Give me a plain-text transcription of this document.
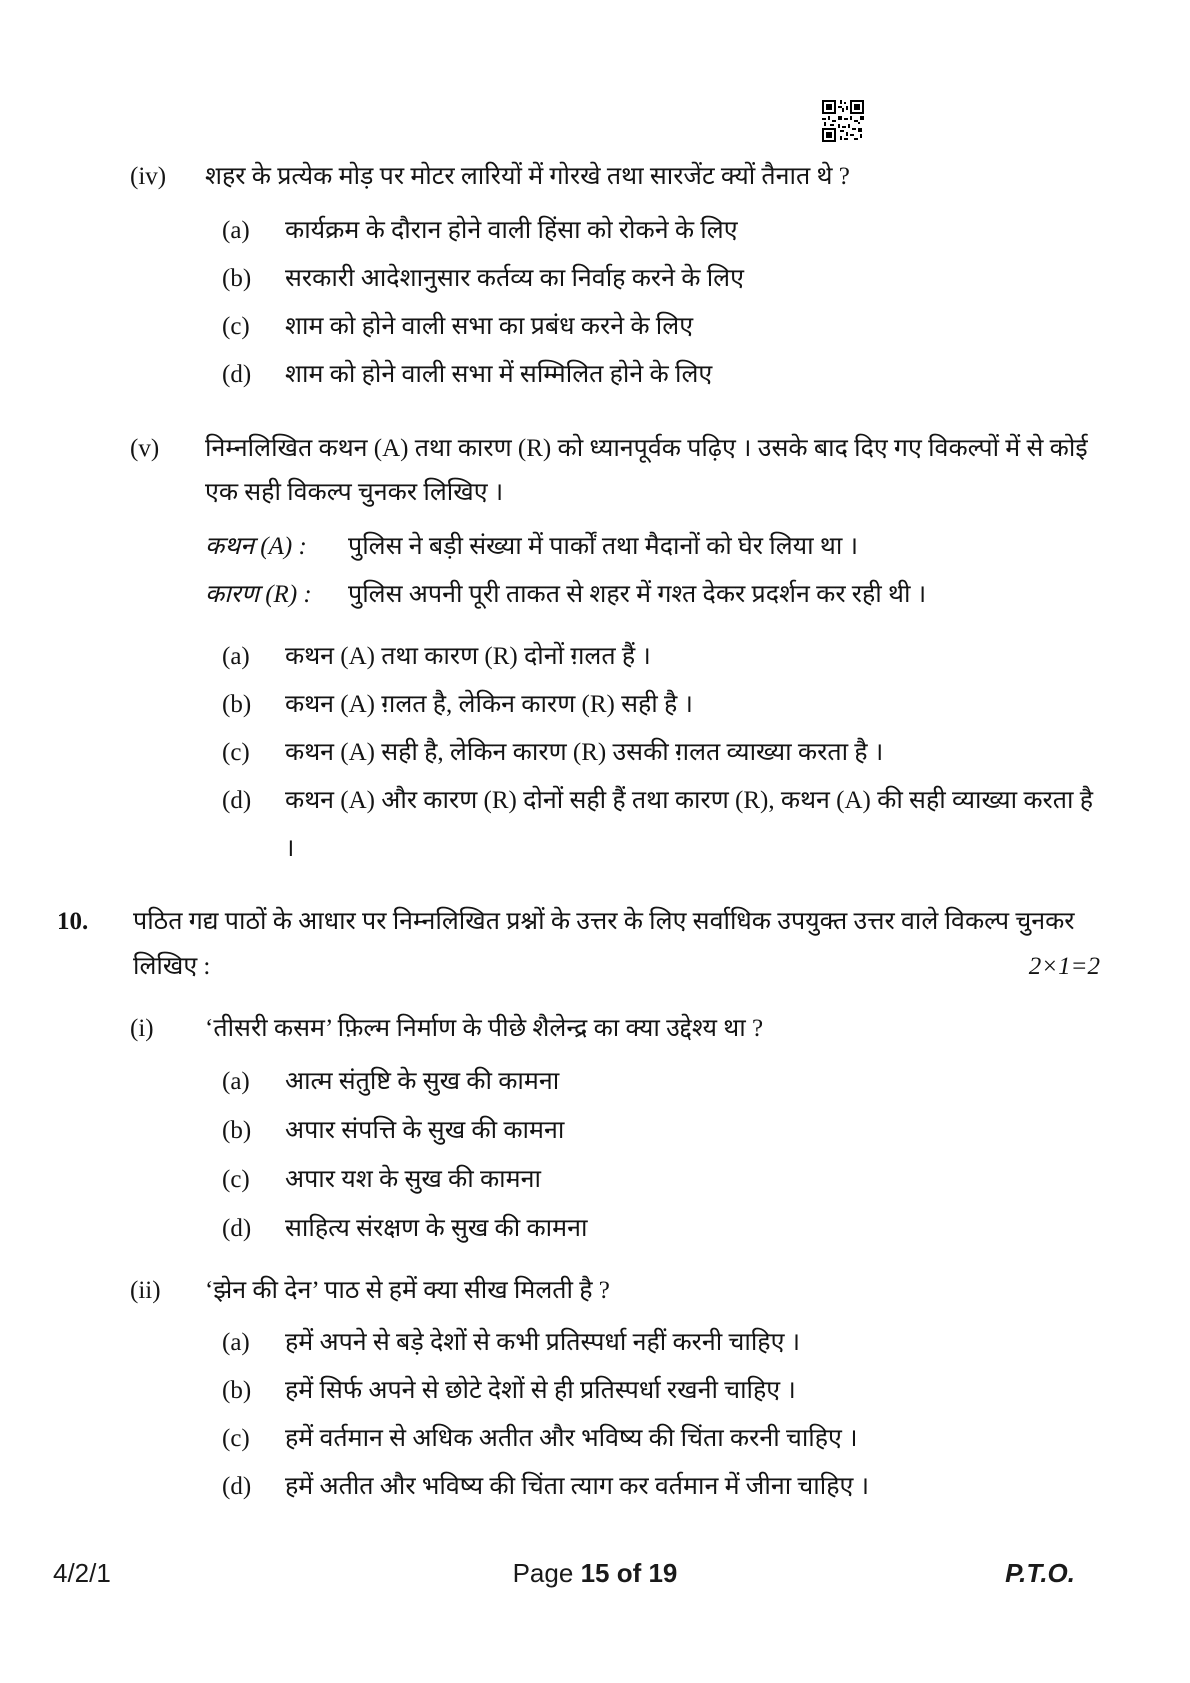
(iv)	शहर के प्रत्येक मोड़ पर मोटर लारियों में गोरखे तथा सारजेंट क्यों तैनात थे ?
(a)	कार्यक्रम के दौरान होने वाली हिंसा को रोकने के लिए
(b)	सरकारी आदेशानुसार कर्तव्य का निर्वाह करने के लिए
(c)	शाम को होने वाली सभा का प्रबंध करने के लिए
(d)	शाम को होने वाली सभा में सम्मिलित होने के लिए
(v)	निम्नलिखित कथन (A) तथा कारण (R) को ध्यानपूर्वक पढ़िए । उसके बाद दिए गए विकल्पों में से कोई एक सही विकल्प चुनकर लिखिए ।
कथन (A) :	पुलिस ने बड़ी संख्या में पार्कों तथा मैदानों को घेर लिया था ।
कारण (R) :	पुलिस अपनी पूरी ताकत से शहर में गश्त देकर प्रदर्शन कर रही थी ।
(a)	कथन (A) तथा कारण (R) दोनों ग़लत हैं ।
(b)	कथन (A) ग़लत है, लेकिन कारण (R) सही है ।
(c)	कथन (A) सही है, लेकिन कारण (R) उसकी ग़लत व्याख्या करता है ।
(d)	कथन (A) और कारण (R) दोनों सही हैं तथा कारण (R), कथन (A) की सही व्याख्या करता है ।
10.	पठित गद्य पाठों के आधार पर निम्नलिखित प्रश्नों के उत्तर के लिए सर्वाधिक उपयुक्त उत्तर वाले विकल्प चुनकर लिखिए :	2×1=2
(i)	‘तीसरी कसम’ फ़िल्म निर्माण के पीछे शैलेन्द्र का क्या उद्देश्य था ?
(a)	आत्म संतुष्टि के सुख की कामना
(b)	अपार संपत्ति के सुख की कामना
(c)	अपार यश के सुख की कामना
(d)	साहित्य संरक्षण के सुख की कामना
(ii)	‘झेन की देन’ पाठ से हमें क्या सीख मिलती है ?
(a)	हमें अपने से बड़े देशों से कभी प्रतिस्पर्धा नहीं करनी चाहिए ।
(b)	हमें सिर्फ अपने से छोटे देशों से ही प्रतिस्पर्धा रखनी चाहिए ।
(c)	हमें वर्तमान से अधिक अतीत और भविष्य की चिंता करनी चाहिए ।
(d)	हमें अतीत और भविष्य की चिंता त्याग कर वर्तमान में जीना चाहिए ।
4/2/1	Page 15 of 19	P.T.O.
